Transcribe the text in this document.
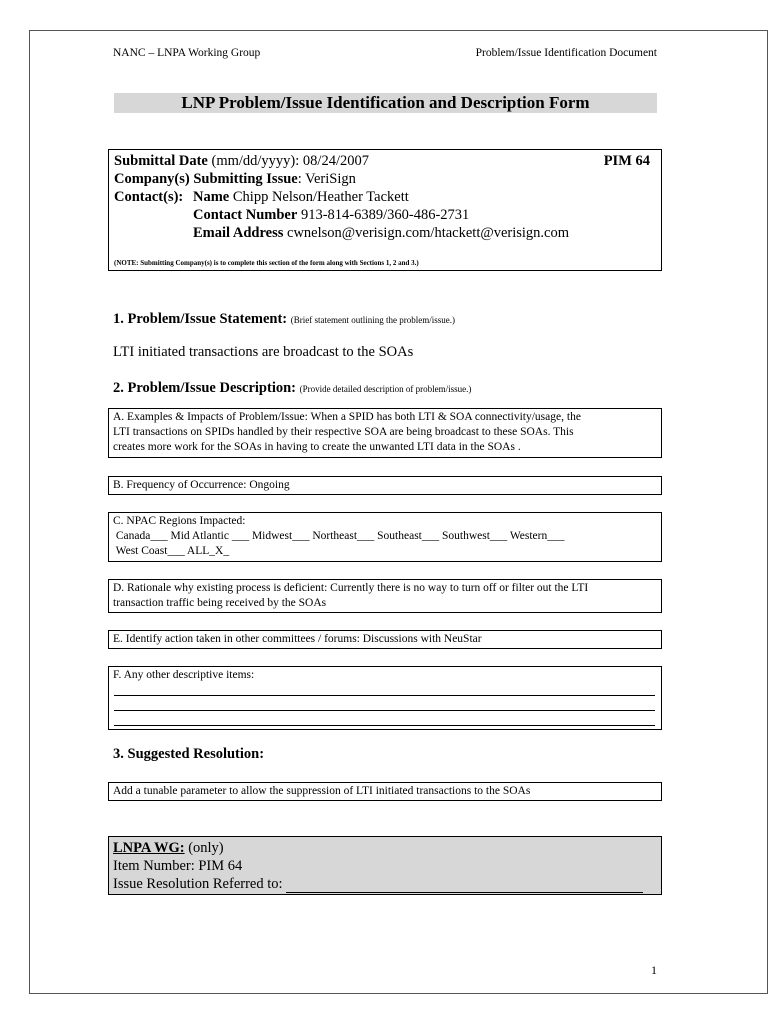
NANC – LNPA Working Group	Problem/Issue Identification Document
LNP Problem/Issue Identification and Description Form
Submittal Date (mm/dd/yyyy): 08/24/2007	PIM 64
Company(s) Submitting Issue: VeriSign
Contact(s): Name Chipp Nelson/Heather Tackett
Contact Number 913-814-6389/360-486-2731
Email Address cwnelson@verisign.com/htackett@verisign.com
(NOTE: Submitting Company(s) is to complete this section of the form along with Sections 1, 2 and 3.)
1. Problem/Issue Statement: (Brief statement outlining the problem/issue.)
LTI initiated transactions are broadcast to the SOAs
2. Problem/Issue Description: (Provide detailed description of problem/issue.)
A. Examples & Impacts of Problem/Issue: When a SPID has both LTI & SOA connectivity/usage, the
LTI transactions on SPIDs handled by their respective SOA are being broadcast to these SOAs. This
creates more work for the SOAs in having to create the unwanted LTI data in the SOAs .
B. Frequency of Occurrence: Ongoing
C. NPAC Regions Impacted:
Canada___ Mid Atlantic ___ Midwest___ Northeast___ Southeast___ Southwest___ Western___
West Coast___ ALL_X_
D. Rationale why existing process is deficient: Currently there is no way to turn off or filter out the LTI
transaction traffic being received by the SOAs
E. Identify action taken in other committees / forums: Discussions with NeuStar
F. Any other descriptive items:
3. Suggested Resolution:
Add a tunable parameter to allow the suppression of LTI initiated transactions to the SOAs
LNPA WG: (only)
Item Number: PIM 64
Issue Resolution Referred to:
1
